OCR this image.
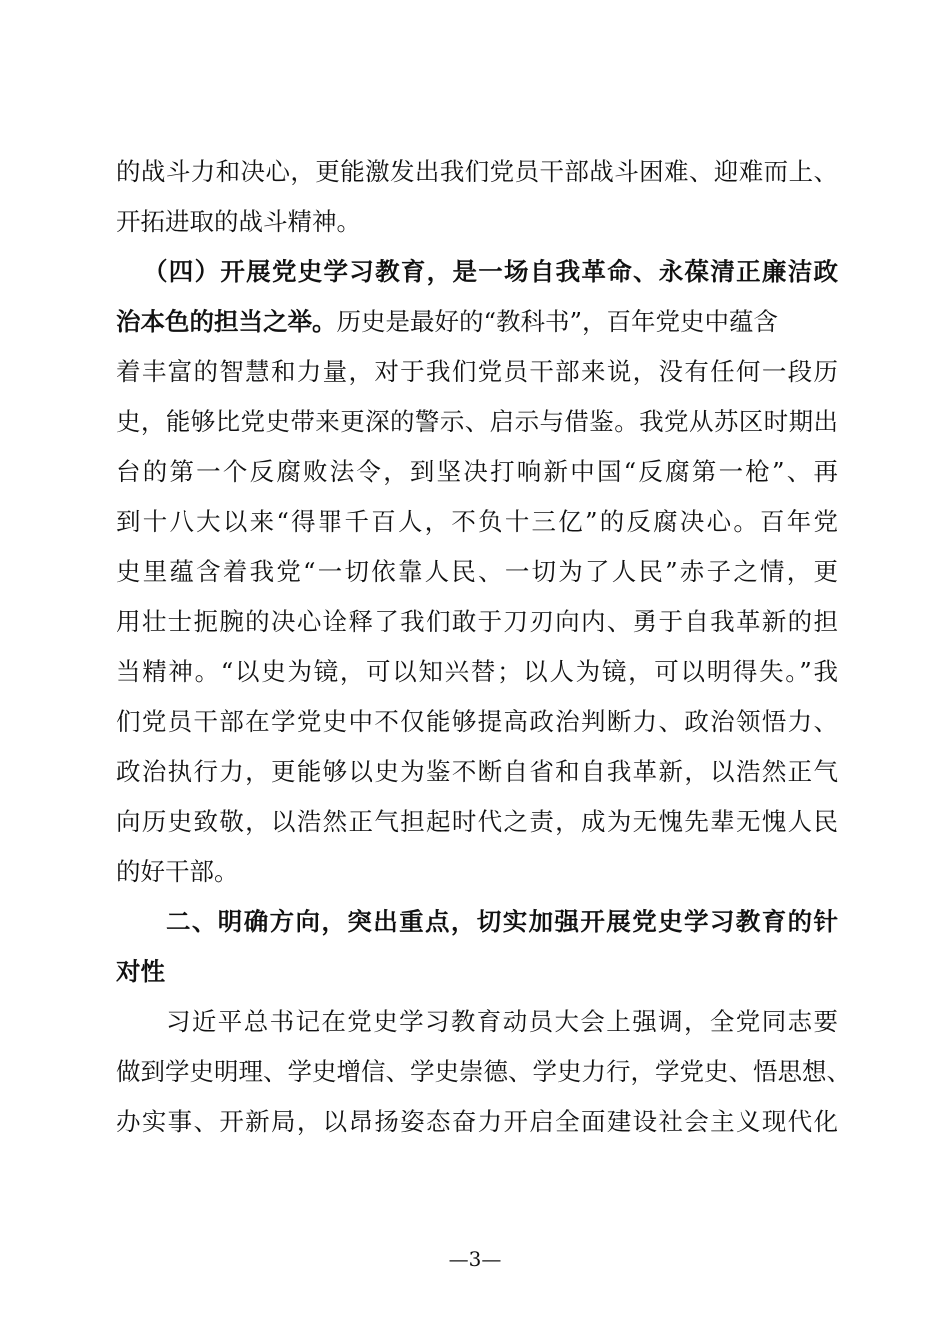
的战斗力和决心，更能激发出我们党员干部战斗困难、迎难而上、
开拓进取的战斗精神。
（四）开展党史学习教育，是一场自我革命、永葆清正廉洁政
治本色的担当之举。历史是最好的“教科书”，百年党史中蕴含
着丰富的智慧和力量，对于我们党员干部来说，没有任何一段历
史，能够比党史带来更深的警示、启示与借鉴。我党从苏区时期出
台的第一个反腐败法令，到坚决打响新中国“反腐第一枪”、再
到十八大以来“得罪千百人，不负十三亿”的反腐决心。百年党
史里蕴含着我党“一切依靠人民、一切为了人民”赤子之情，更
用壮士扼腕的决心诠释了我们敢于刀刃向内、勇于自我革新的担
当精神。“以史为镜，可以知兴替；以人为镜，可以明得失。”我
们党员干部在学党史中不仅能够提高政治判断力、政治领悟力、
政治执行力，更能够以史为鉴不断自省和自我革新，以浩然正气
向历史致敬，以浩然正气担起时代之责，成为无愧先辈无愧人民
的好干部。
二、明确方向，突出重点，切实加强开展党史学习教育的针
对性
习近平总书记在党史学习教育动员大会上强调，全党同志要
做到学史明理、学史增信、学史崇德、学史力行，学党史、悟思想、
办实事、开新局，以昂扬姿态奋力开启全面建设社会主义现代化
—3—
